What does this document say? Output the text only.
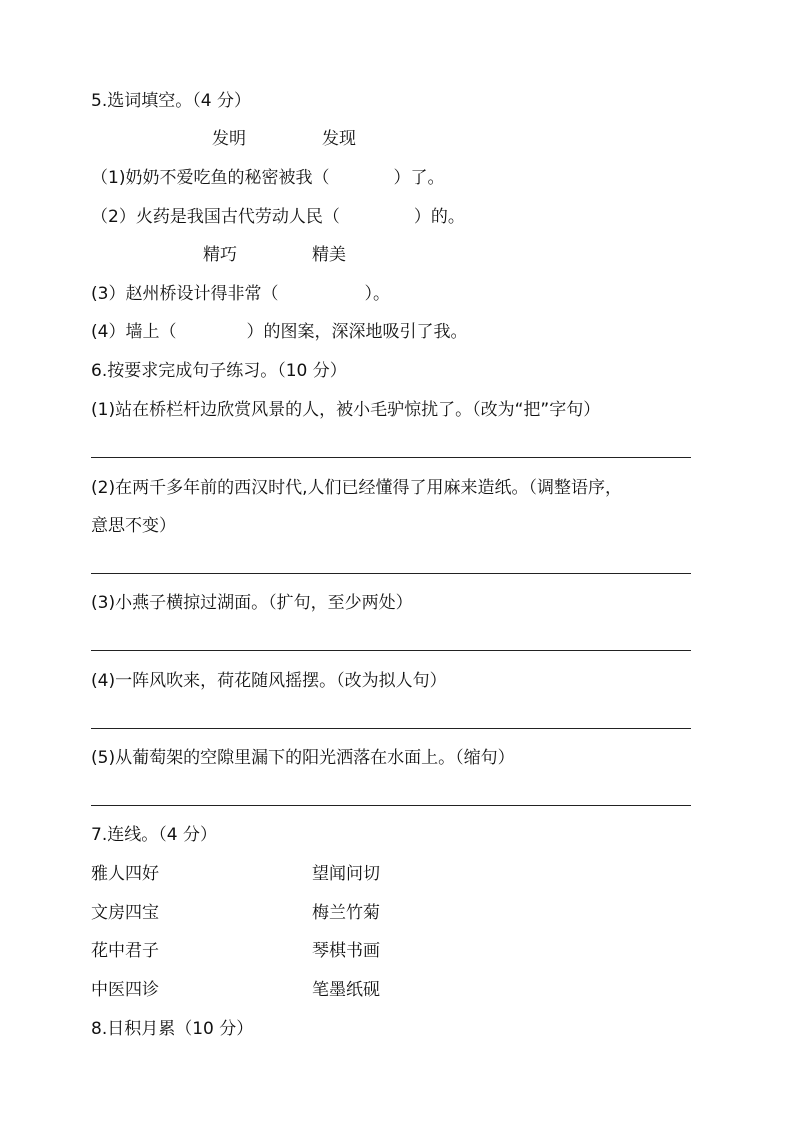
5.选词填空。（4 分）
发明	发现
（1)奶奶不爱吃鱼的秘密被我（	）了。
（2）火药是我国古代劳动人民（	）的。
精巧	精美
(3）赵州桥设计得非常（	）。
(4）墙上（	）的图案，深深地吸引了我。
6.按要求完成句子练习。（10 分）
(1)站在桥栏杆边欣赏风景的人，被小毛驴惊扰了。（改为“把”字句）
(2)在两千多年前的西汉时代,人们已经懂得了用麻来造纸。（调整语序，
意思不变）
(3)小燕子横掠过湖面。（扩句，至少两处）
(4)一阵风吹来，荷花随风摇摆。（改为拟人句）
(5)从葡萄架的空隙里漏下的阳光洒落在水面上。（缩句）
7.连线。（4 分）
雅人四好	望闻问切
文房四宝	梅兰竹菊
花中君子	琴棋书画
中医四诊	笔墨纸砚
8.日积月累（10 分）
